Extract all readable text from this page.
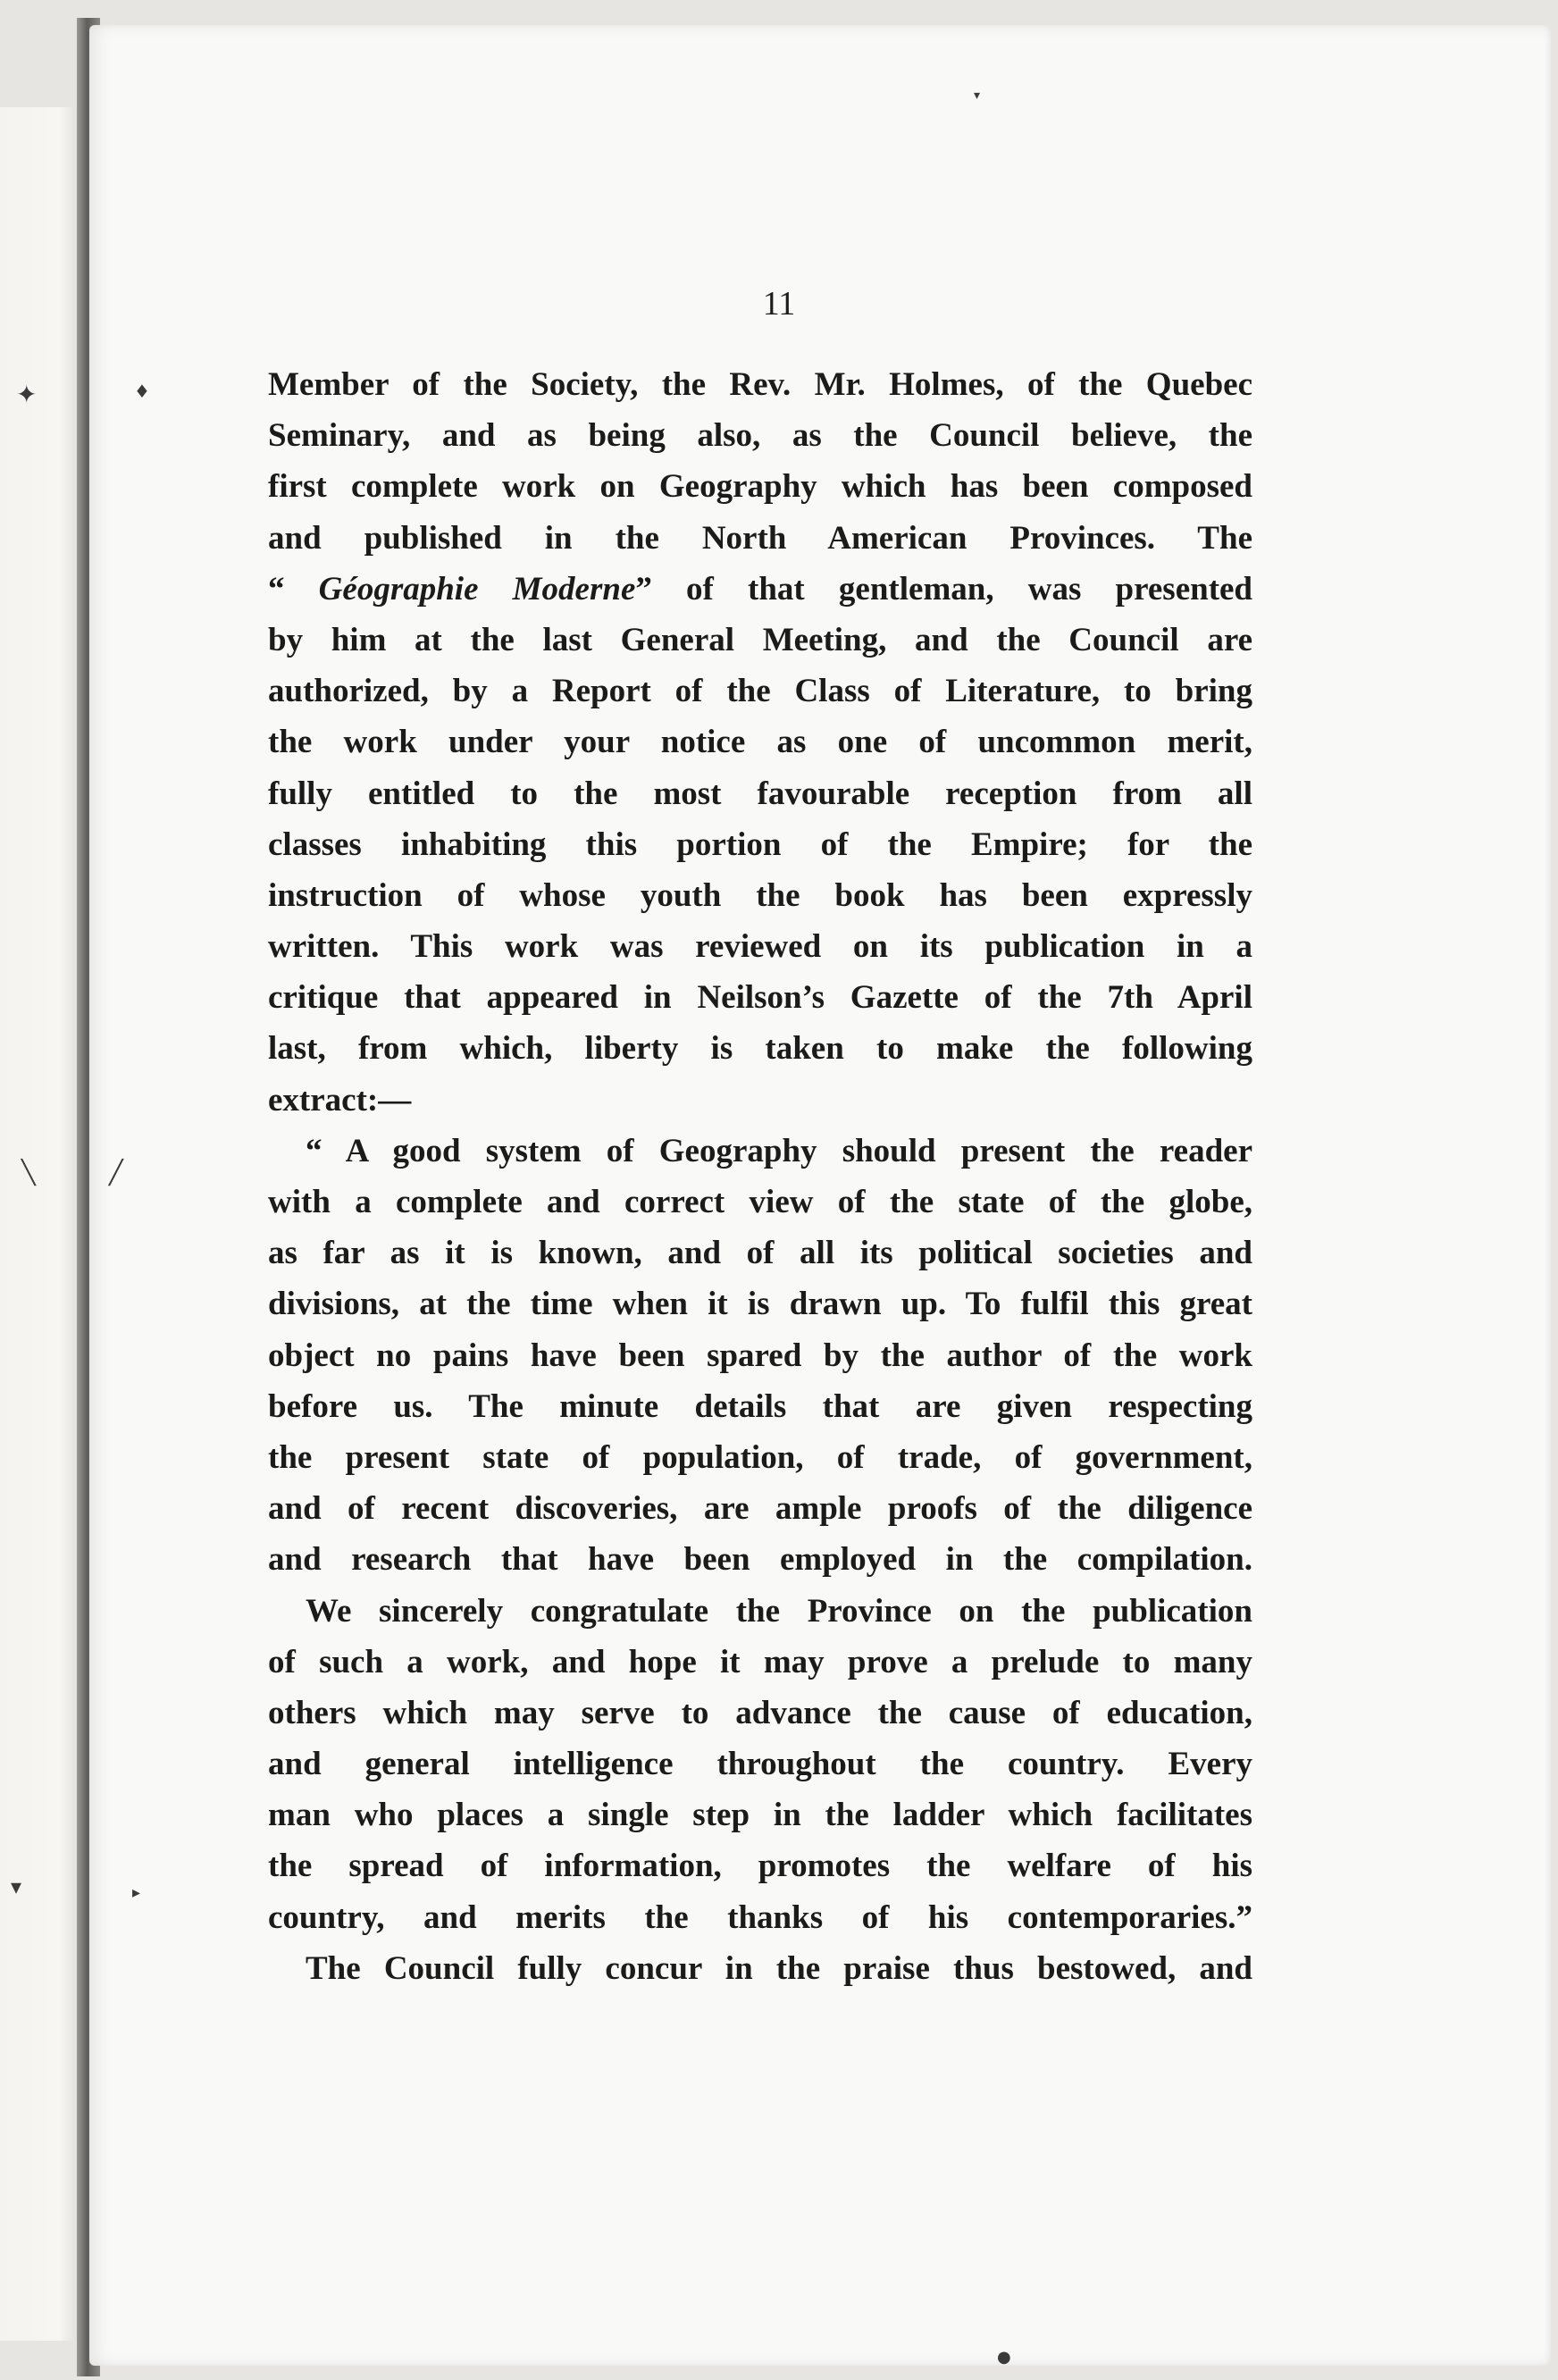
✦	♦
╲	╱
▾	▸
▾
●
11
Member of the Society, the Rev. Mr. Holmes, of the Quebec
Seminary, and as being also, as the Council believe, the
first complete work on Geography which has been composed
and published in the North American Provinces. The
“ Géographie Moderne” of that gentleman, was presented
by him at the last General Meeting, and the Council are
authorized, by a Report of the Class of Literature, to bring
the work under your notice as one of uncommon merit,
fully entitled to the most favourable reception from all
classes inhabiting this portion of the Empire; for the
instruction of whose youth the book has been expressly
written. This work was reviewed on its publication in a
critique that appeared in Neilson’s Gazette of the 7th April
last, from which, liberty is taken to make the following
extract:—
“ A good system of Geography should present the reader
with a complete and correct view of the state of the globe,
as far as it is known, and of all its political societies and
divisions, at the time when it is drawn up. To fulfil this great
object no pains have been spared by the author of the work
before us. The minute details that are given respecting
the present state of population, of trade, of government,
and of recent discoveries, are ample proofs of the diligence
and research that have been employed in the compilation.
We sincerely congratulate the Province on the publication
of such a work, and hope it may prove a prelude to many
others which may serve to advance the cause of education,
and general intelligence throughout the country. Every
man who places a single step in the ladder which facilitates
the spread of information, promotes the welfare of his
country, and merits the thanks of his contemporaries.”
The Council fully concur in the praise thus bestowed, and
